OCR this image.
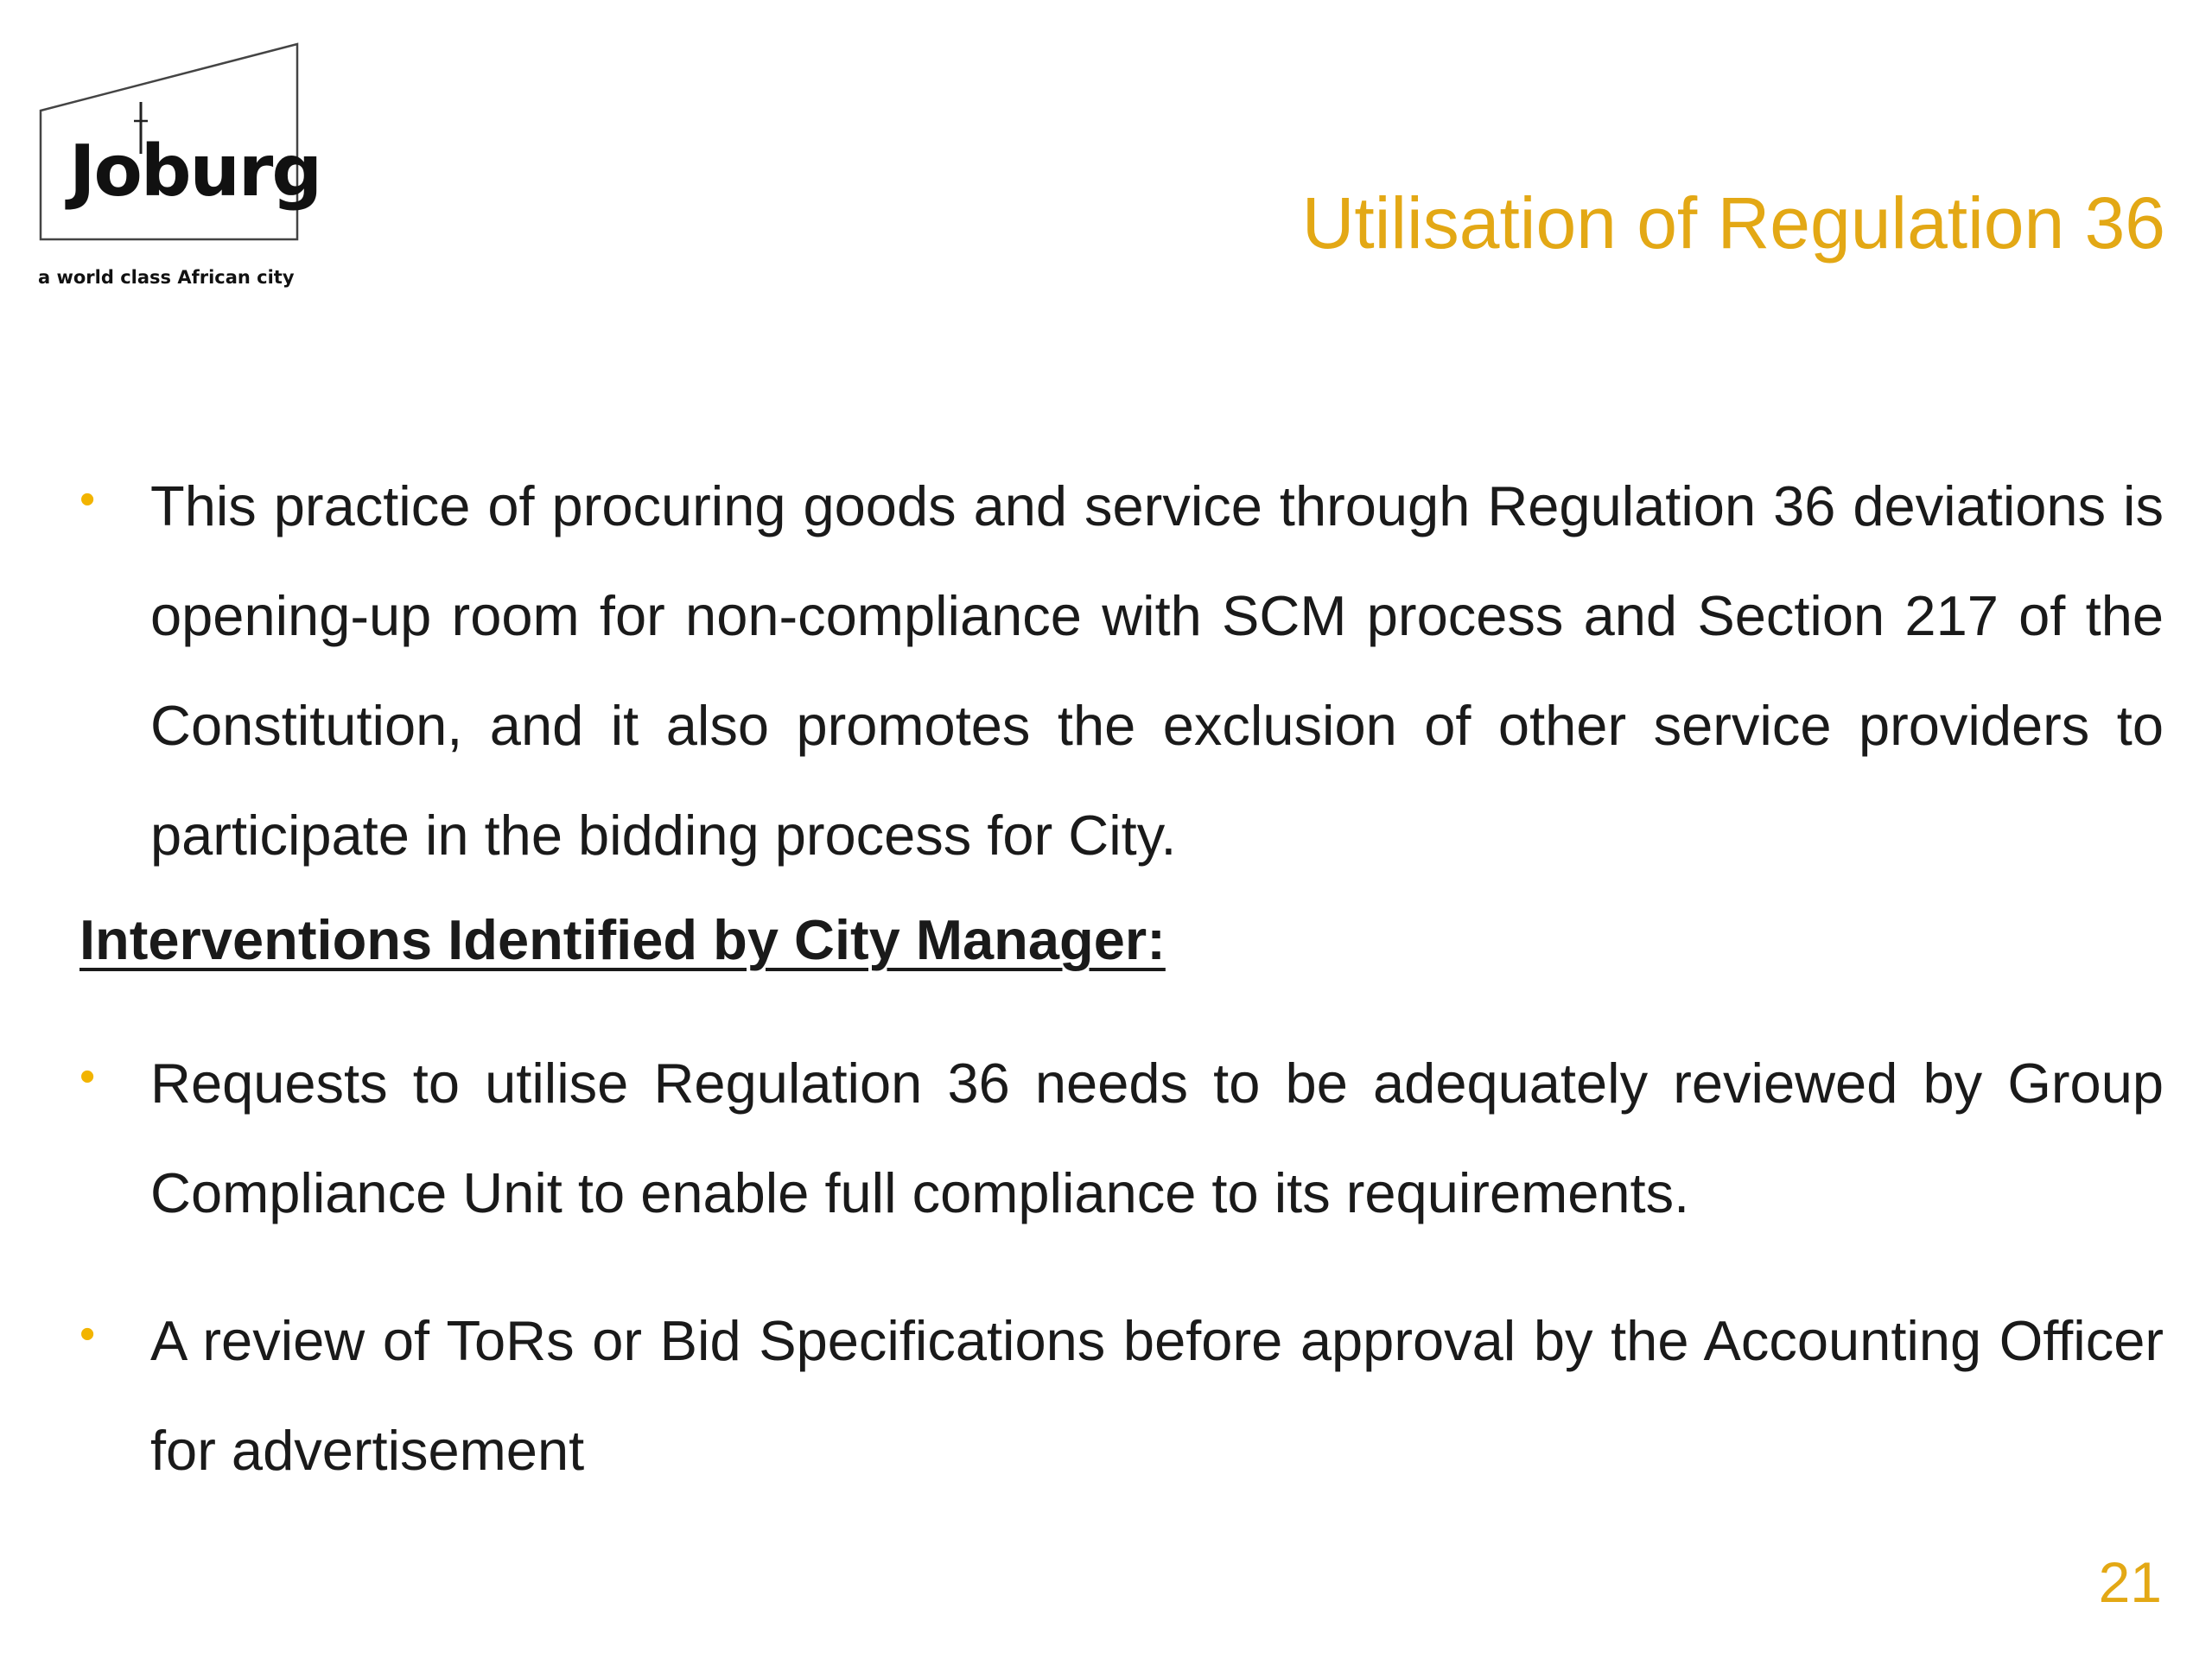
Joburg
a world class African city
Utilisation of Regulation 36
• This practice of procuring goods and service through Regulation 36 deviations is opening-up room for non-compliance with SCM process and Section 217 of the Constitution, and it also promotes the exclusion of other service providers to participate in the bidding process for City.

Interventions Identified by City Manager:
• Requests to utilise Regulation 36 needs to be adequately reviewed by Group Compliance Unit to enable full compliance to its requirements.

• A review of ToRs or Bid Specifications before approval by the Accounting Officer for advertisement

21
